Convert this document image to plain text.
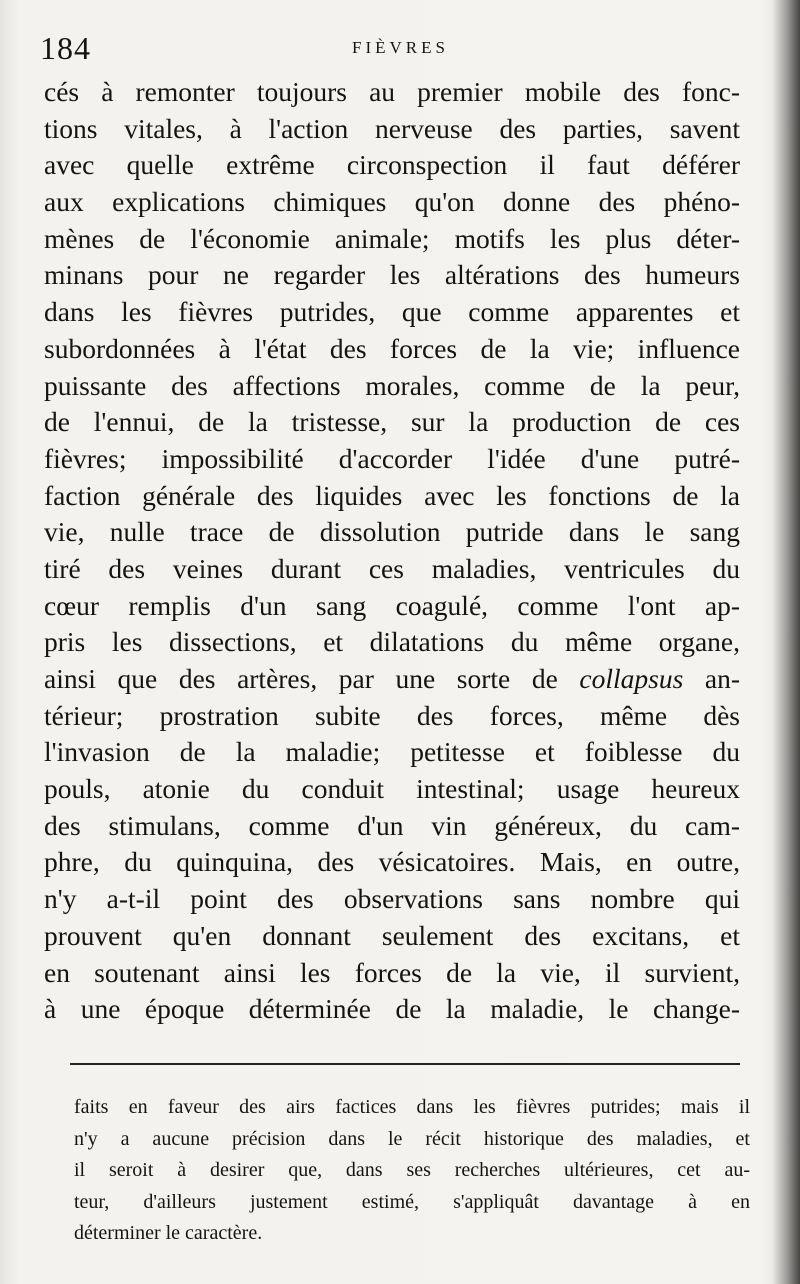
184	FIÈVRES
cés à remonter toujours au premier mobile des fonc-
tions vitales, à l'action nerveuse des parties, savent
avec quelle extrême circonspection il faut déférer
aux explications chimiques qu'on donne des phéno-
mènes de l'économie animale; motifs les plus déter-
minans pour ne regarder les altérations des humeurs
dans les fièvres putrides, que comme apparentes et
subordonnées à l'état des forces de la vie; influence
puissante des affections morales, comme de la peur,
de l'ennui, de la tristesse, sur la production de ces
fièvres; impossibilité d'accorder l'idée d'une putré-
faction générale des liquides avec les fonctions de la
vie, nulle trace de dissolution putride dans le sang
tiré des veines durant ces maladies, ventricules du
cœur remplis d'un sang coagulé, comme l'ont ap-
pris les dissections, et dilatations du même organe,
ainsi que des artères, par une sorte de collapsus an-
térieur; prostration subite des forces, même dès
l'invasion de la maladie; petitesse et foiblesse du
pouls, atonie du conduit intestinal; usage heureux
des stimulans, comme d'un vin généreux, du cam-
phre, du quinquina, des vésicatoires. Mais, en outre,
n'y a-t-il point des observations sans nombre qui
prouvent qu'en donnant seulement des excitans, et
en soutenant ainsi les forces de la vie, il survient,
à une époque déterminée de la maladie, le change-
faits en faveur des airs factices dans les fièvres putrides; mais il
n'y a aucune précision dans le récit historique des maladies, et
il seroit à desirer que, dans ses recherches ultérieures, cet au-
teur, d'ailleurs justement estimé, s'appliquât davantage à en
déterminer le caractère.
